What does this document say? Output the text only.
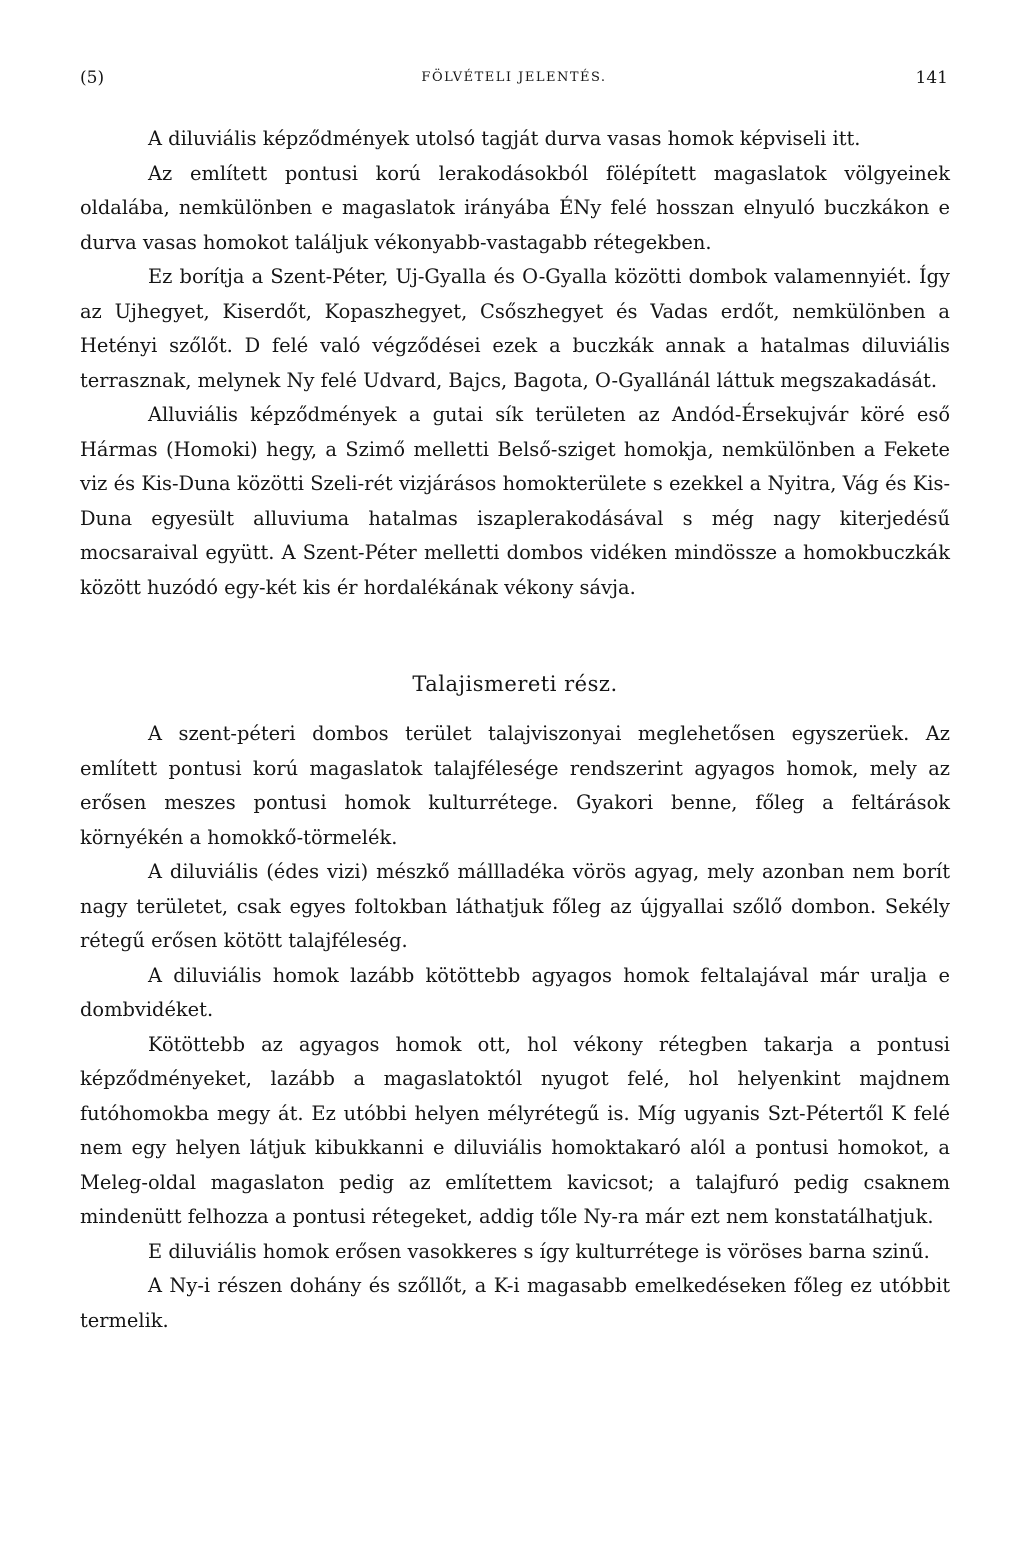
(5)	FÖLVÉTELI JELENTÉS.	141

A diluviális képződmények utolsó tagját durva vasas homok képviseli itt.

Az említett pontusi korú lerakodásokból fölépített magaslatok völgyeinek oldalába, nemkülönben e magaslatok irányába ÉNy felé hosszan elnyuló buczkákon e durva vasas homokot találjuk vékonyabb-vastagabb rétegekben.

Ez borítja a Szent-Péter, Uj-Gyalla és O-Gyalla közötti dombok valamennyiét. Így az Ujhegyet, Kiserdőt, Kopaszhegyet, Csőszhegyet és Vadas erdőt, nemkülönben a Hetényi szőlőt. D felé való végződései ezek a buczkák annak a hatalmas diluviális terrasznak, melynek Ny felé Udvard, Bajcs, Bagota, O-Gyallánál láttuk megszakadását.

Alluviális képződmények a gutai sík területen az Andód-Érsekujvár köré eső Hármas (Homoki) hegy, a Szimő melletti Belső-sziget homokja, nemkülönben a Fekete viz és Kis-Duna közötti Szeli-rét vizjárásos homokterülete s ezekkel a Nyitra, Vág és Kis-Duna egyesült alluviuma hatalmas iszaplerakodásával s még nagy kiterjedésű mocsaraival együtt. A Szent-Péter melletti dombos vidéken mindössze a homokbuczkák között huzódó egy-két kis ér hordalékának vékony sávja.

Talajismereti rész.

A szent-péteri dombos terület talajviszonyai meglehetősen egyszerüek. Az említett pontusi korú magaslatok talajfélesége rendszerint agyagos homok, mely az erősen meszes pontusi homok kulturrétege. Gyakori benne, főleg a feltárások környékén a homokkő-törmelék.

A diluviális (édes vizi) mészkő mállladéka vörös agyag, mely azonban nem borít nagy területet, csak egyes foltokban láthatjuk főleg az újgyallai szőlő dombon. Sekély rétegű erősen kötött talajféleség.

A diluviális homok lazább kötöttebb agyagos homok feltalajával már uralja e dombvidéket.

Kötöttebb az agyagos homok ott, hol vékony rétegben takarja a pontusi képződményeket, lazább a magaslatoktól nyugot felé, hol helyenkint majdnem futóhomokba megy át. Ez utóbbi helyen mélyrétegű is. Míg ugyanis Szt-Pétertől K felé nem egy helyen látjuk kibukkanni e diluviális homoktakaró alól a pontusi homokot, a Meleg-oldal magaslaton pedig az említettem kavicsot; a talajfuró pedig csaknem mindenütt felhozza a pontusi rétegeket, addig tőle Ny-ra már ezt nem konstatálhatjuk.

E diluviális homok erősen vasokkeres s így kulturrétege is vöröses barna szinű.

A Ny-i részen dohány és szőllőt, a K-i magasabb emelkedéseken főleg ez utóbbit termelik.
